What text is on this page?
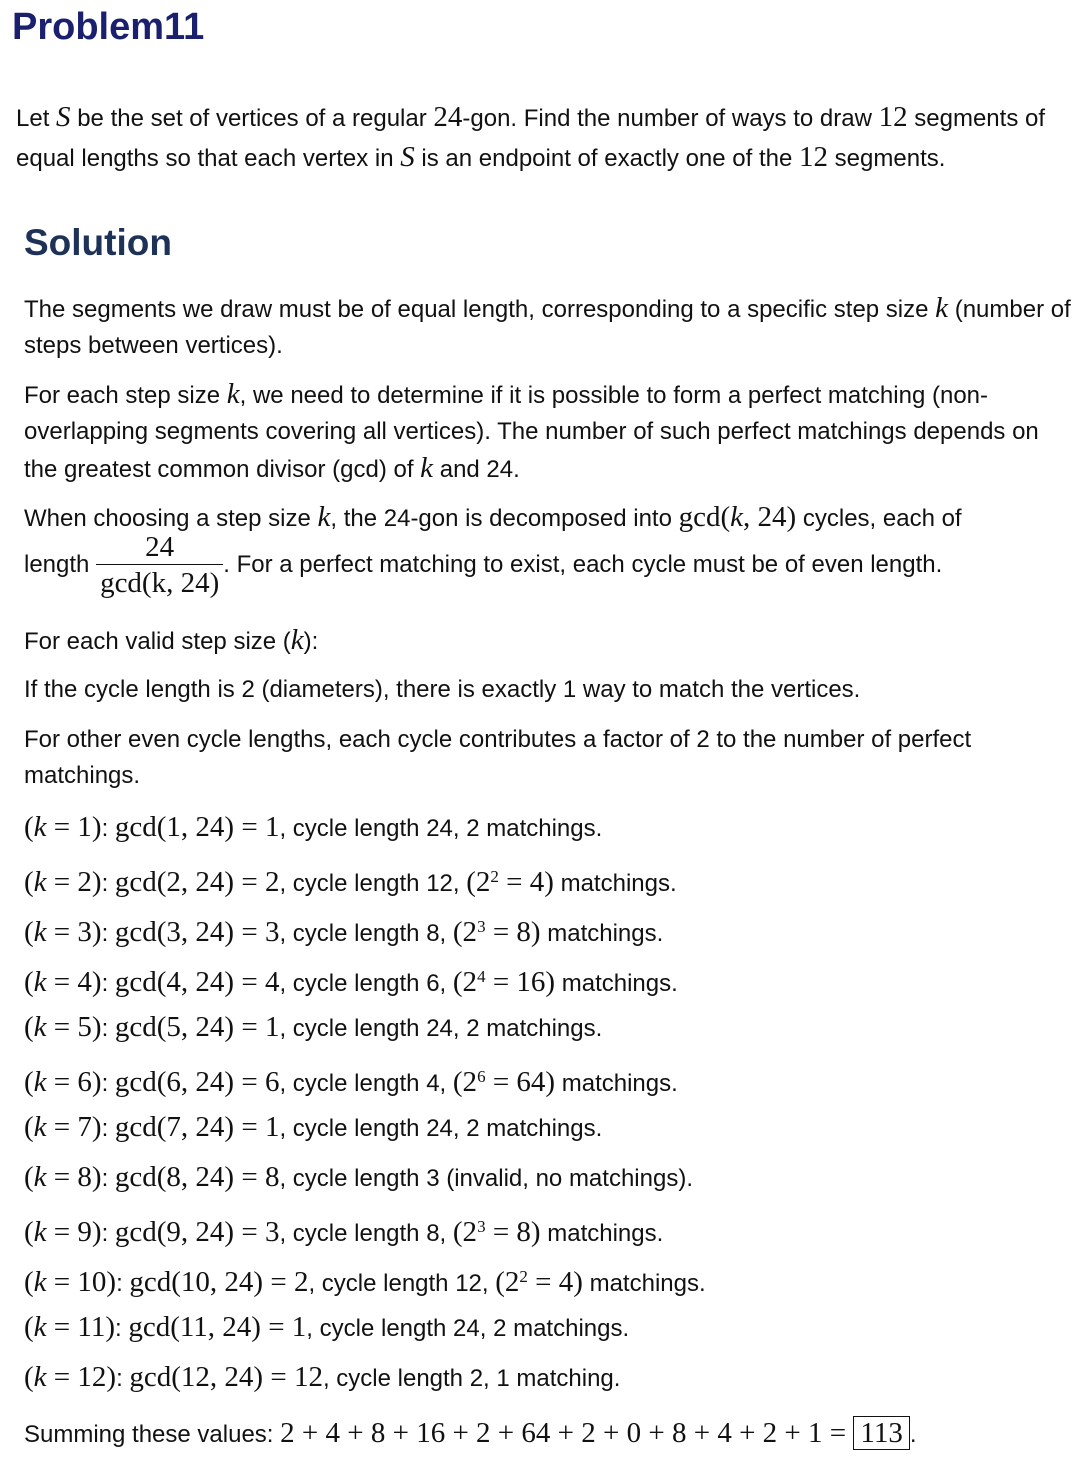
Problem11

Let S be the set of vertices of a regular 24-gon. Find the number of ways to draw 12 segments of equal lengths so that each vertex in S is an endpoint of exactly one of the 12 segments.

Solution

The segments we draw must be of equal length, corresponding to a specific step size k (number of steps between vertices).

For each step size k, we need to determine if it is possible to form a perfect matching (non-overlapping segments covering all vertices). The number of such perfect matchings depends on the greatest common divisor (gcd) of k and 24.

When choosing a step size k, the 24-gon is decomposed into gcd(k, 24) cycles, each of

length $\frac{24}{\gcd(k, 24)}$ . For a perfect matching to exist, each cycle must be of even length.

For each valid step size (k):

If the cycle length is 2 (diameters), there is exactly 1 way to match the vertices.

For other even cycle lengths, each cycle contributes a factor of 2 to the number of perfect matchings.

(k = 1): gcd(1, 24) = 1, cycle length 24, 2 matchings.

(k = 2): gcd(2, 24) = 2, cycle length 12, $(2^2 = 4)$ matchings.

(k = 3): gcd(3, 24) = 3, cycle length 8, $(2^3 = 8)$ matchings.

(k = 4): gcd(4, 24) = 4, cycle length 6, $(2^4 = 16)$ matchings.

(k = 5): gcd(5, 24) = 1, cycle length 24, 2 matchings.

(k = 6): gcd(6, 24) = 6, cycle length 4, $(2^6 = 64)$ matchings.

(k = 7): gcd(7, 24) = 1, cycle length 24, 2 matchings.

(k = 8): gcd(8, 24) = 8, cycle length 3 (invalid, no matchings).

(k = 9): gcd(9, 24) = 3, cycle length 8, $(2^3 = 8)$ matchings.

(k = 10): gcd(10, 24) = 2, cycle length 12, $(2^2 = 4)$ matchings.

(k = 11): gcd(11, 24) = 1, cycle length 24, 2 matchings.

(k = 12): gcd(12, 24) = 12, cycle length 2, 1 matching.

Summing these values: 2 + 4 + 8 + 16 + 2 + 64 + 2 + 0 + 8 + 4 + 2 + 1 = 113 .
